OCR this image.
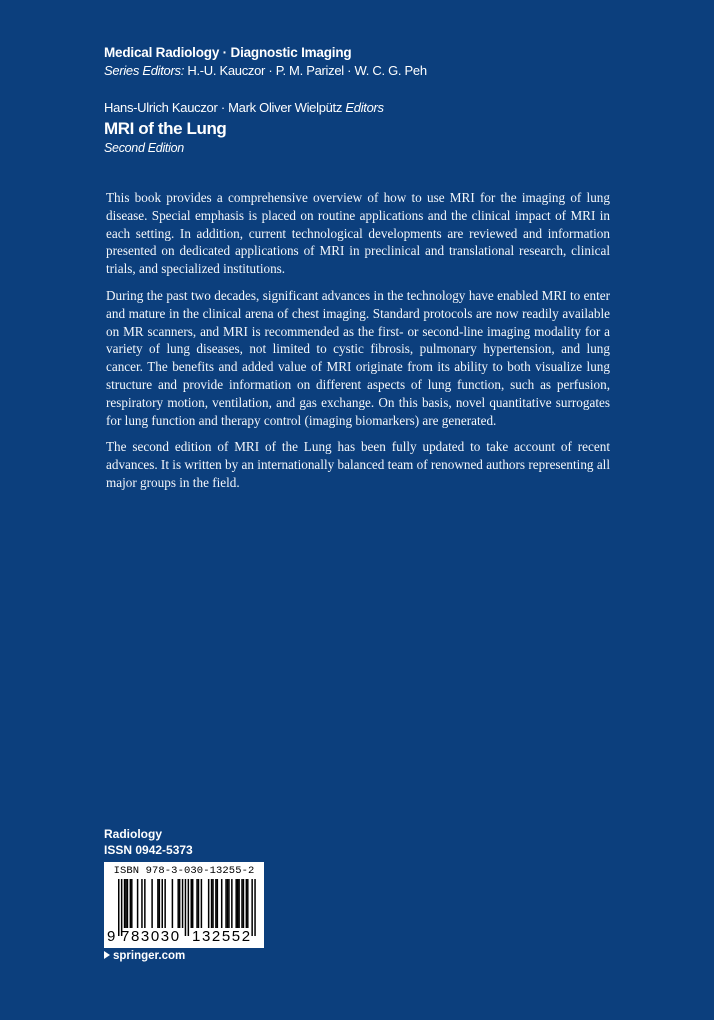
Medical Radiology · Diagnostic Imaging
Series Editors: H.-U. Kauczor · P. M. Parizel · W. C. G. Peh
Hans-Ulrich Kauczor · Mark Oliver Wielpütz Editors
MRI of the Lung
Second Edition

This book provides a comprehensive overview of how to use MRI for the imaging of lung disease. Special emphasis is placed on routine applications and the clinical impact of MRI in each setting. In addition, current technological developments are reviewed and information presented on dedicated applications of MRI in preclinical and translational research, clinical trials, and specialized institutions.

During the past two decades, significant advances in the technology have enabled MRI to enter and mature in the clinical arena of chest imaging. Standard protocols are now readily available on MR scanners, and MRI is recommended as the first- or second-line imaging modality for a variety of lung diseases, not limited to cystic fibrosis, pulmonary hypertension, and lung cancer. The benefits and added value of MRI originate from its ability to both visualize lung structure and provide information on different aspects of lung function, such as perfusion, respiratory motion, ventilation, and gas exchange. On this basis, novel quantitative surrogates for lung function and therapy control (imaging biomarkers) are generated.

The second edition of MRI of the Lung has been fully updated to take account of recent advances. It is written by an internationally balanced team of renowned authors representing all major groups in the field.

Radiology
ISSN 0942-5373
ISBN 978-3-030-13255-2
9 783030 132552
springer.com
